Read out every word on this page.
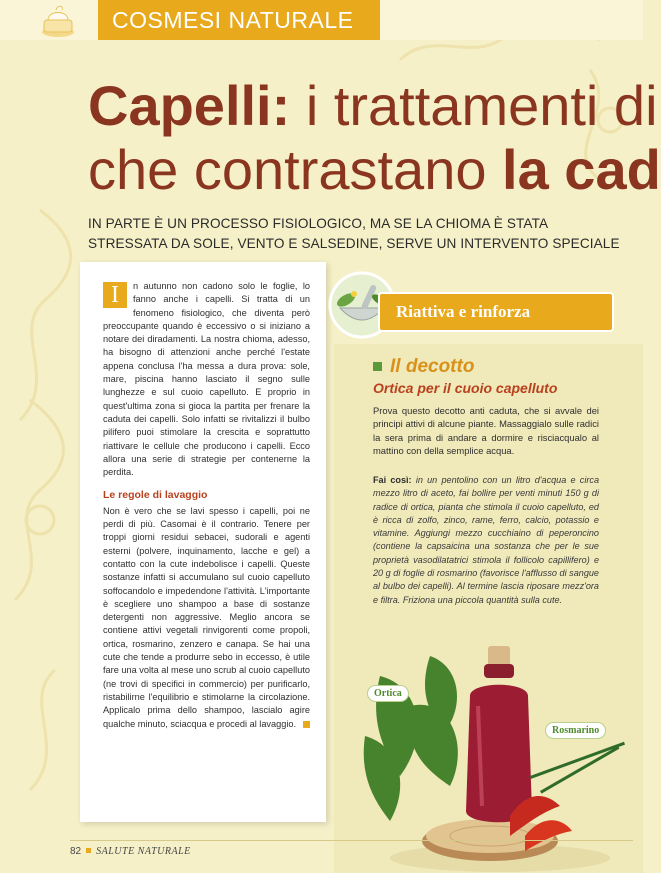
COSMESI NATURALE
Capelli: i trattamenti di
che contrastano la cad
IN PARTE È UN PROCESSO FISIOLOGICO, MA SE LA CHIOMA È STATA
STRESSATA DA SOLE, VENTO E SALSEDINE, SERVE UN INTERVENTO SPECIALE

I	n autunno non cadono solo le foglie, lo fanno anche i capelli. Si tratta di un fenomeno fisiologico, che diventa però preoccupante quando è eccessivo o si iniziano a notare dei diradamenti. La nostra chioma, adesso, ha bisogno di attenzioni anche perché l'estate appena conclusa l'ha messa a dura prova: sole, mare, piscina hanno lasciato il segno sulle lunghezze e sul cuoio capelluto. E proprio in quest'ultima zona si gioca la partita per frenare la caduta dei capelli. Solo infatti se rivitalizzi il bulbo pilifero puoi stimolare la crescita e soprattutto riattivare le cellule che producono i capelli. Ecco allora una serie di strategie per contenerne la perdita.

Le regole di lavaggio

Non è vero che se lavi spesso i capelli, poi ne perdi di più. Casomai è il contrario. Tenere per troppi giorni residui sebacei, sudorali e agenti esterni (polvere, inquinamento, lacche e gel) a contatto con la cute indebolisce i capelli. Queste sostanze infatti si accumulano sul cuoio capelluto soffocandolo e impedendone l'attività. L'importante è scegliere uno shampoo a base di sostanze detergenti non aggressive. Meglio ancora se contiene attivi vegetali rinvigorenti come propoli, ortica, rosmarino, zenzero e canapa. Se hai una cute che tende a produrre sebo in eccesso, è utile fare una volta al mese uno scrub al cuoio capelluto (ne trovi di specifici in commercio) per purificarlo, ristabilirne l'equilibrio e stimolarne la circolazione. Applicalo prima dello shampoo, lascialo agire qualche minuto, sciacqua e procedi al lavaggio.

Riattiva e rinforza
Il decotto
Ortica per il cuoio capelluto
Prova questo decotto anti caduta, che si avvale dei principi attivi di alcune piante. Massaggialo sulle radici la sera prima di andare a dormire e risciacqualo al mattino con della semplice acqua.
Fai così: in un pentolino con un litro d'acqua e circa mezzo litro di aceto, fai bollire per venti minuti 150 g di radice di ortica, pianta che stimola il cuoio capelluto, ed è ricca di zolfo, zinco, rame, ferro, calcio, potassio e vitamine. Aggiungi mezzo cucchiaino di peperoncino (contiene la capsaicina una sostanza che per le sue proprietà vasodilatatrici stimola il follicolo capillifero) e 20 g di foglie di rosmarino (favorisce l'afflusso di sangue al bulbo dei capelli). Al termine lascia riposare mezz'ora e filtra. Friziona una piccola quantità sulla cute.
Ortica
Rosmarino
82 SALUTE NATURALE
